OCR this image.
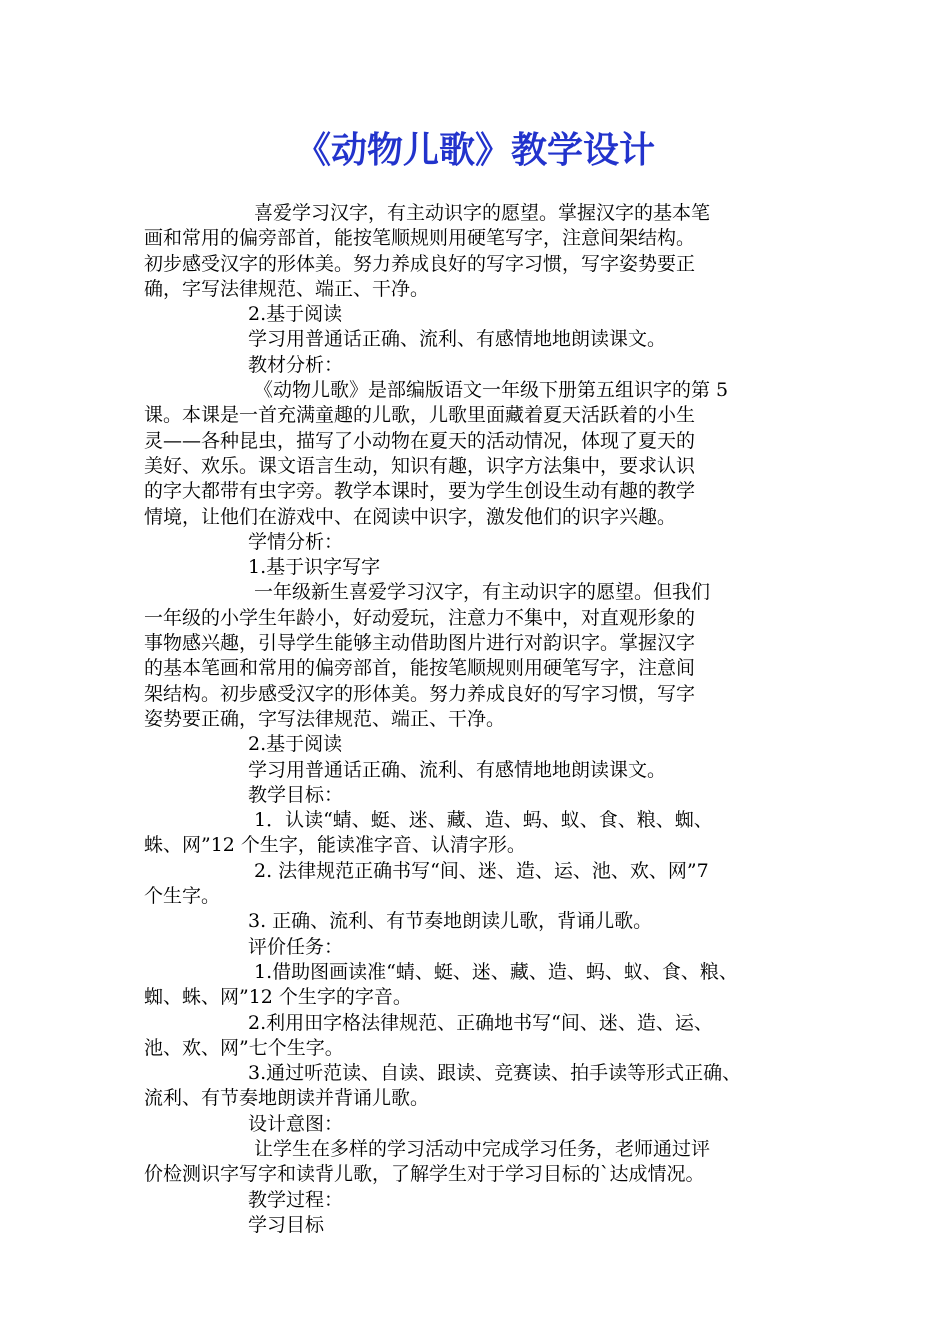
《动物儿歌》教学设计
喜爱学习汉字，有主动识字的愿望。掌握汉字的基本笔
画和常用的偏旁部首，能按笔顺规则用硬笔写字，注意间架结构。
初步感受汉字的形体美。努力养成良好的写字习惯，写字姿势要正
确，字写法律规范、端正、干净。
2.基于阅读
学习用普通话正确、流利、有感情地地朗读课文。
教材分析：
《动物儿歌》是部编版语文一年级下册第五组识字的第 5
课。本课是一首充满童趣的儿歌，儿歌里面藏着夏天活跃着的小生
灵——各种昆虫，描写了小动物在夏天的活动情况，体现了夏天的
美好、欢乐。课文语言生动，知识有趣，识字方法集中，要求认识
的字大都带有虫字旁。教学本课时，要为学生创设生动有趣的教学
情境，让他们在游戏中、在阅读中识字，激发他们的识字兴趣。
学情分析：
1.基于识字写字
一年级新生喜爱学习汉字，有主动识字的愿望。但我们
一年级的小学生年龄小，好动爱玩，注意力不集中，对直观形象的
事物感兴趣，引导学生能够主动借助图片进行对韵识字。掌握汉字
的基本笔画和常用的偏旁部首，能按笔顺规则用硬笔写字，注意间
架结构。初步感受汉字的形体美。努力养成良好的写字习惯，写字
姿势要正确，字写法律规范、端正、干净。
2.基于阅读
学习用普通话正确、流利、有感情地地朗读课文。
教学目标：
1．认读“蜻、蜓、迷、藏、造、蚂、蚁、食、粮、蜘、
蛛、网”12 个生字，能读准字音、认清字形。
2. 法律规范正确书写“间、迷、造、运、池、欢、网”7
个生字。
3. 正确、流利、有节奏地朗读儿歌，背诵儿歌。
评价任务：
1.借助图画读准“蜻、蜓、迷、藏、造、蚂、蚁、食、粮、
蜘、蛛、网”12 个生字的字音。
2.利用田字格法律规范、正确地书写“间、迷、造、运、
池、欢、网”七个生字。
3.通过听范读、自读、跟读、竞赛读、拍手读等形式正确、
流利、有节奏地朗读并背诵儿歌。
设计意图：
让学生在多样的学习活动中完成学习任务，老师通过评
价检测识字写字和读背儿歌，了解学生对于学习目标的`达成情况。
教学过程：
学习目标
